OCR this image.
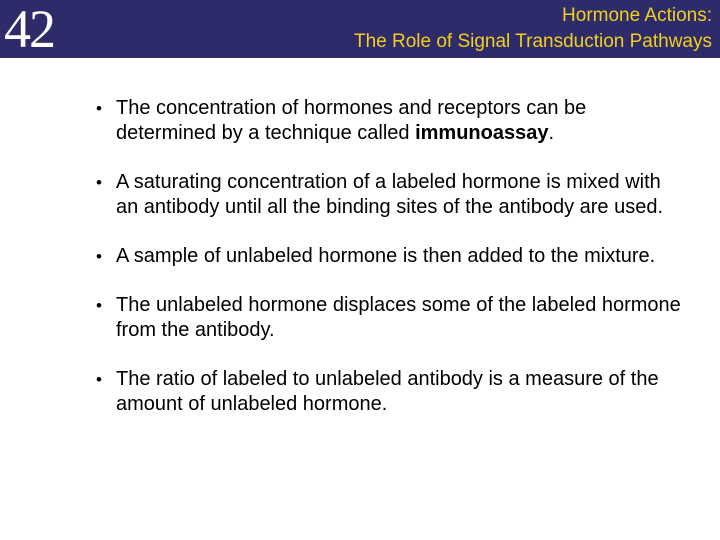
42	Hormone Actions:
The Role of Signal Transduction Pathways
• The concentration of hormones and receptors can be determined by a technique called immunoassay.
• A saturating concentration of a labeled hormone is mixed with an antibody until all the binding sites of the antibody are used.
• A sample of unlabeled hormone is then added to the mixture.
• The unlabeled hormone displaces some of the labeled hormone from the antibody.
• The ratio of labeled to unlabeled antibody is a measure of the amount of unlabeled hormone.
